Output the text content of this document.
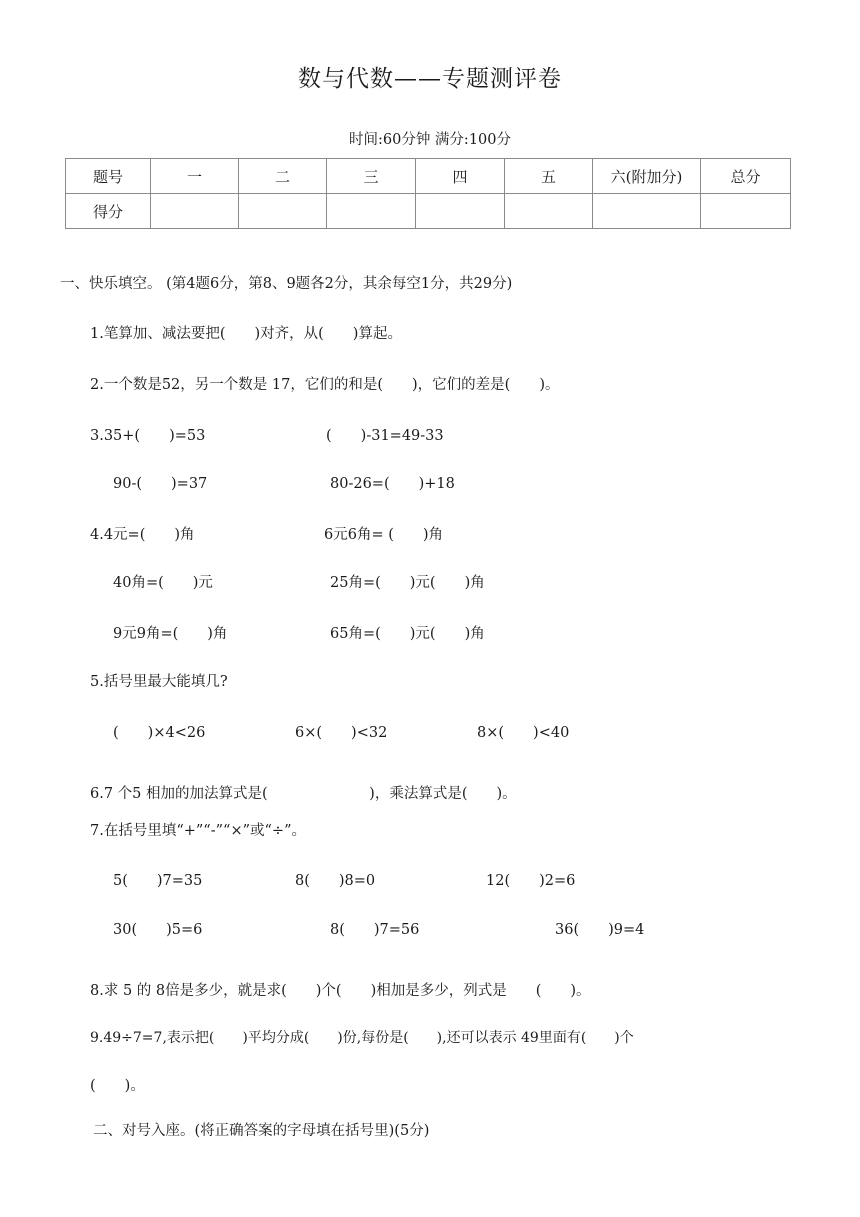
数与代数——专题测评卷
时间:60分钟 满分:100分
题号	一	二	三	四	五	六(附加分)	总分
得分							
一、快乐填空。 (第4题6分，第8、9题各2分，其余每空1分，共29分)
1.笔算加、减法要把(　　)对齐，从(　　)算起。
2.一个数是52，另一个数是 17，它们的和是(　　)，它们的差是(　　)。
3.35+(　　)=53	(　　)-31=49-33
90-(　　)=37	80-26=(　　)+18
4.4元=(　　)角	6元6角= (　　)角
40角=(　　)元	25角=(　　)元(　　)角
9元9角=(　　)角	65角=(　　)元(　　)角
5.括号里最大能填几?
(　　)×4<26	6×(　　)<32	8×(　　)<40
6.7 个5 相加的加法算式是(　　　　　　　)，乘法算式是(　　)。
7.在括号里填“+”“-”“×”或“÷”。
5(　　)7=35	8(　　)8=0	12(　　)2=6
30(　　)5=6	8(　　)7=56	36(　　)9=4
8.求 5 的 8倍是多少，就是求(　　)个(　　)相加是多少，列式是　　(　　)。
9.49÷7=7,表示把(　　)平均分成(　　)份,每份是(　　),还可以表示 49里面有(　　)个
(　　)。
二、对号入座。(将正确答案的字母填在括号里)(5分)
